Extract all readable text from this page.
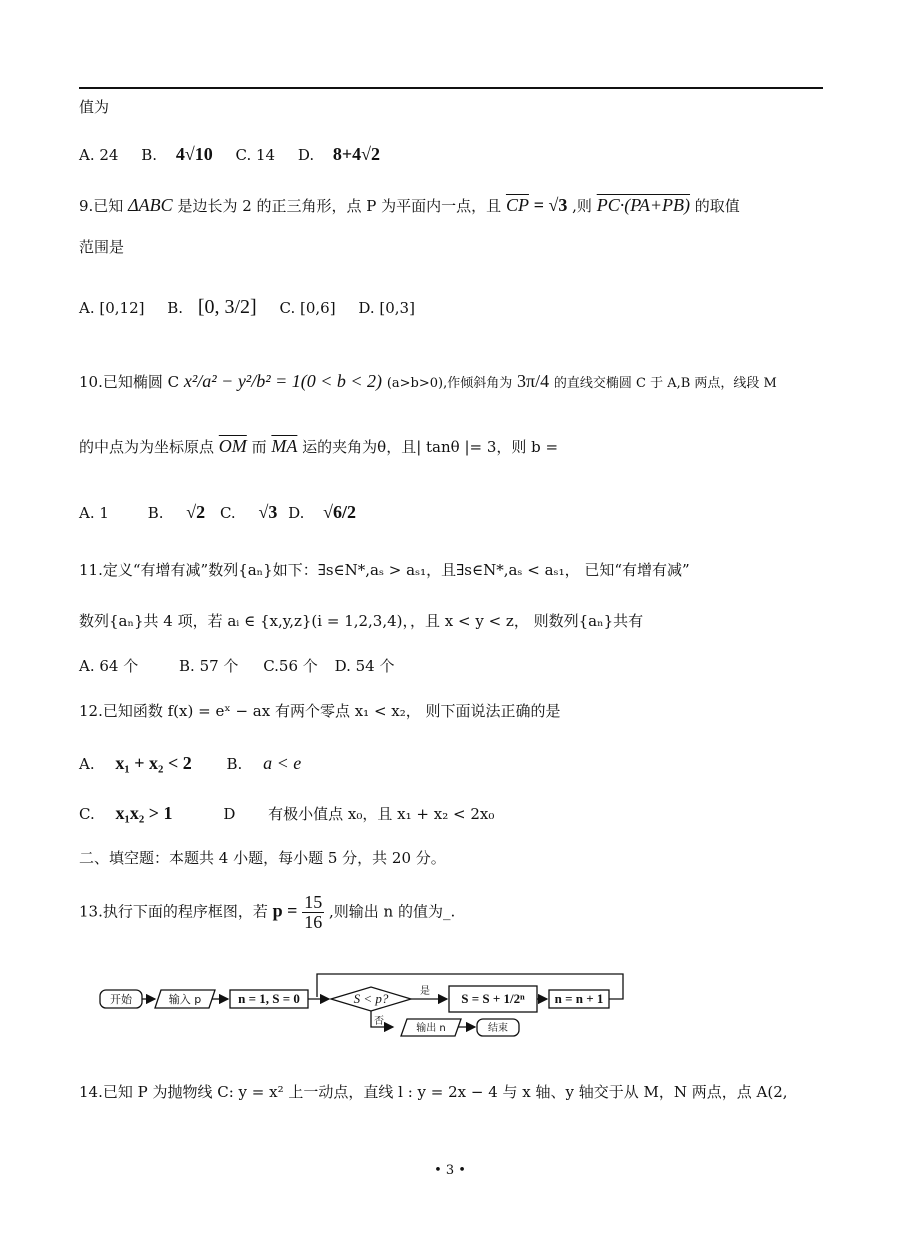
值为
A. 24 B. 4√10 C. 14 D. 8+4√2
9.已知 ΔABC 是边长为 2 的正三角形，点 P 为平面内一点，且 $\overline{CP} = √3$ ,则 PC·(PA+PB) 的取值
范围是
A. [0,12] B. [0, 3/2] C. [0,6] D. [0,3]
10.已知椭圆 C x²/a² − y²/b² = 1(0 < b < 2) (a>b>0),作倾斜角为 3π/4 的直线交椭圆 C 于 A,B 两点，线段 M
的中点为为坐标原点 $\overline{OM}$ 而 $\overline{MA}$ 运的夹角为θ，且| tanθ |= 3，则 b =
A. 1	B. √2 C. √3 D. √6/2
11.定义“有增有减”数列{aₙ}如下：∃s∈N*,aₛ > aₛ₁，且∃s∈N*,aₛ < aₛ₁， 已知“有增有减”
数列{aₙ}共 4 项，若 aᵢ ∈ {x,y,z}(i = 1,2,3,4)，，且 x < y < z， 则数列{aₙ}共有
A. 64 个	B. 57 个 C.56 个 D. 54 个
12.已知函数 f(x) = eˣ − ax 有两个零点 x₁ < x₂， 则下面说法正确的是
A. x₁ + x₂ < 2 B. a < e
C. x₁x₂ > 1	D 有极小值点 x₀，且 x₁ + x₂ < 2x₀
二、填空题：本题共 4 小题，每小题 5 分，共 20 分。
13.执行下面的程序框图，若 $p = \frac{15}{16}$ ,则输出 n 的值为_.
开始	输入 p	n = 1, S = 0	S < p?	是
否
S = S + 1/2ⁿ n = n + 1
输出 n	结束
14.已知 P 为抛物线 C: y = x² 上一动点，直线 l : y = 2x − 4 与 x 轴、y 轴交于从 M，N 两点，点 A(2,
• 3 •
